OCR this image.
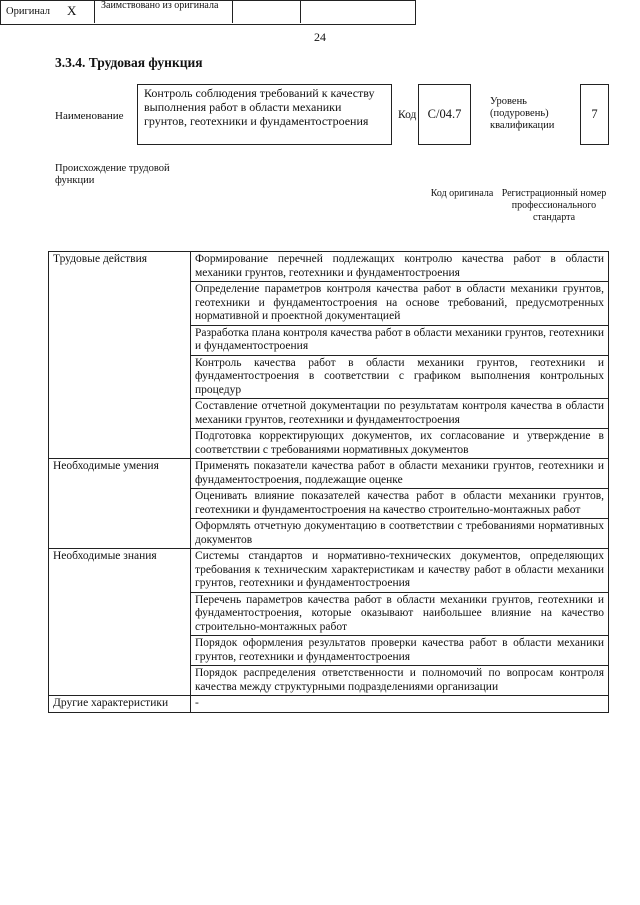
24
3.3.4. Трудовая функция
Наименование
Контроль соблюдения требований к качеству выполнения работ в области механики грунтов, геотехники и фундаментостроения	Код С/04.7
Уровень (подуровень) квалификации
7
Происхождение трудовой функции
Оригинал X Заимствовано из оригинала
Код оригинала Регистрационный номер профессионального стандарта
Трудовые действия	Формирование перечней подлежащих контролю качества работ в области механики грунтов, геотехники и фундаментостроения
	Определение параметров контроля качества работ в области механики грунтов, геотехники и фундаментостроения на основе требований, предусмотренных нормативной и проектной документацией
	Разработка плана контроля качества работ в области механики грунтов, геотехники и фундаментостроения
	Контроль качества работ в области механики грунтов, геотехники и фундаментостроения в соответствии с графиком выполнения контрольных процедур
	Составление отчетной документации по результатам контроля качества в области механики грунтов, геотехники и фундаментостроения
	Подготовка корректирующих документов, их согласование и утверждение в соответствии с требованиями нормативных документов
Необходимые умения	Применять показатели качества работ в области механики грунтов, геотехники и фундаментостроения, подлежащие оценке
	Оценивать влияние показателей качества работ в области механики грунтов, геотехники и фундаментостроения на качество строительно-монтажных работ
	Оформлять отчетную документацию в соответствии с требованиями нормативных документов
Необходимые знания	Системы стандартов и нормативно-технических документов, определяющих требования к техническим характеристикам и качеству работ в области механики грунтов, геотехники и фундаментостроения
	Перечень параметров качества работ в области механики грунтов, геотехники и фундаментостроения, которые оказывают наибольшее влияние на качество строительно-монтажных работ
	Порядок оформления результатов проверки качества работ в области механики грунтов, геотехники и фундаментостроения
	Порядок распределения ответственности и полномочий по вопросам контроля качества между структурными подразделениями организации
Другие характеристики	-
